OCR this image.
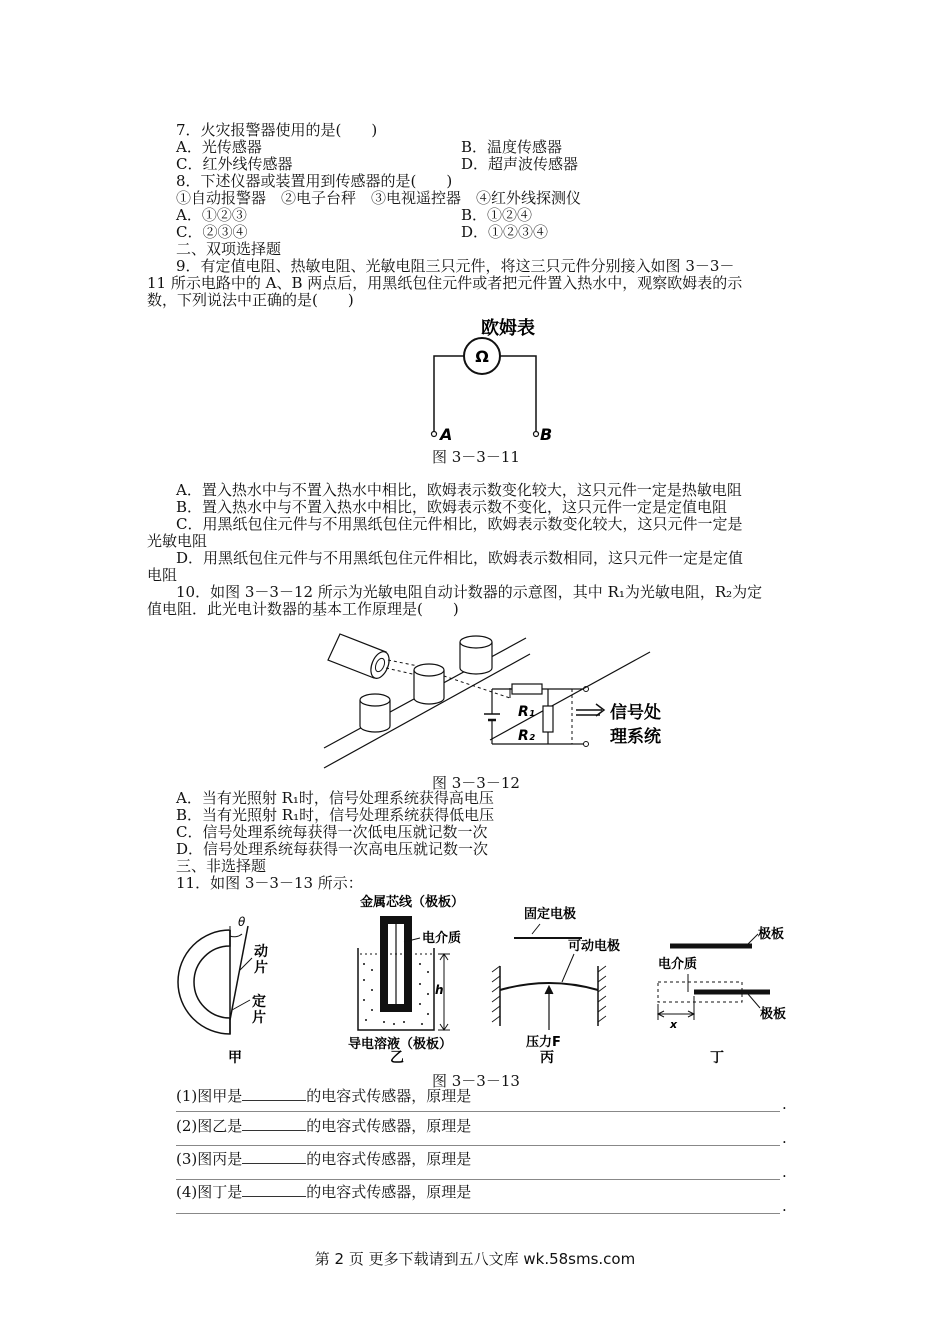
7．火灾报警器使用的是(　　)
A．光传感器	B．温度传感器
C．红外线传感器	D．超声波传感器
8．下述仪器或装置用到传感器的是(　　)
①自动报警器　②电子台秤　③电视遥控器　④红外线探测仪
A．①②③	B．①②④
C．②③④	D．①②③④
二、双项选择题
9．有定值电阻、热敏电阻、光敏电阻三只元件，将这三只元件分别接入如图 3－3－
11 所示电路中的 A、B 两点后，用黑纸包住元件或者把元件置入热水中，观察欧姆表的示
数，下列说法中正确的是(　　)
欧姆表
Ω
A	B
图 3－3－11
A．置入热水中与不置入热水中相比，欧姆表示数变化较大，这只元件一定是热敏电阻
B．置入热水中与不置入热水中相比，欧姆表示数不变化，这只元件一定是定值电阻
C．用黑纸包住元件与不用黑纸包住元件相比，欧姆表示数变化较大，这只元件一定是
光敏电阻
D．用黑纸包住元件与不用黑纸包住元件相比，欧姆表示数相同，这只元件一定是定值
电阻
10．如图 3－3－12 所示为光敏电阻自动计数器的示意图，其中 R₁为光敏电阻，R₂为定
值电阻．此光电计数器的基本工作原理是(　　)
R₁
R₂
信号处
理系统
图 3－3－12
A．当有光照射 R₁时，信号处理系统获得高电压
B．当有光照射 R₁时，信号处理系统获得低电压
C．信号处理系统每获得一次低电压就记数一次
D．信号处理系统每获得一次高电压就记数一次
三、非选择题
11．如图 3－3－13 所示：
θ
动
片
定
片
甲
金属芯线（极板）
电介质
h
导电溶液（极板）
乙
固定电极
可动电极
压力F
丙
极板
电介质
极板
x
丁
图 3－3－13
(1)图甲是	的电容式传感器，原理是	.
(2)图乙是	的电容式传感器，原理是
.
(3)图丙是	的电容式传感器，原理是
.
(4)图丁是	的电容式传感器，原理是
.
第 2 页 更多下载请到五八文库 wk.58sms.com
